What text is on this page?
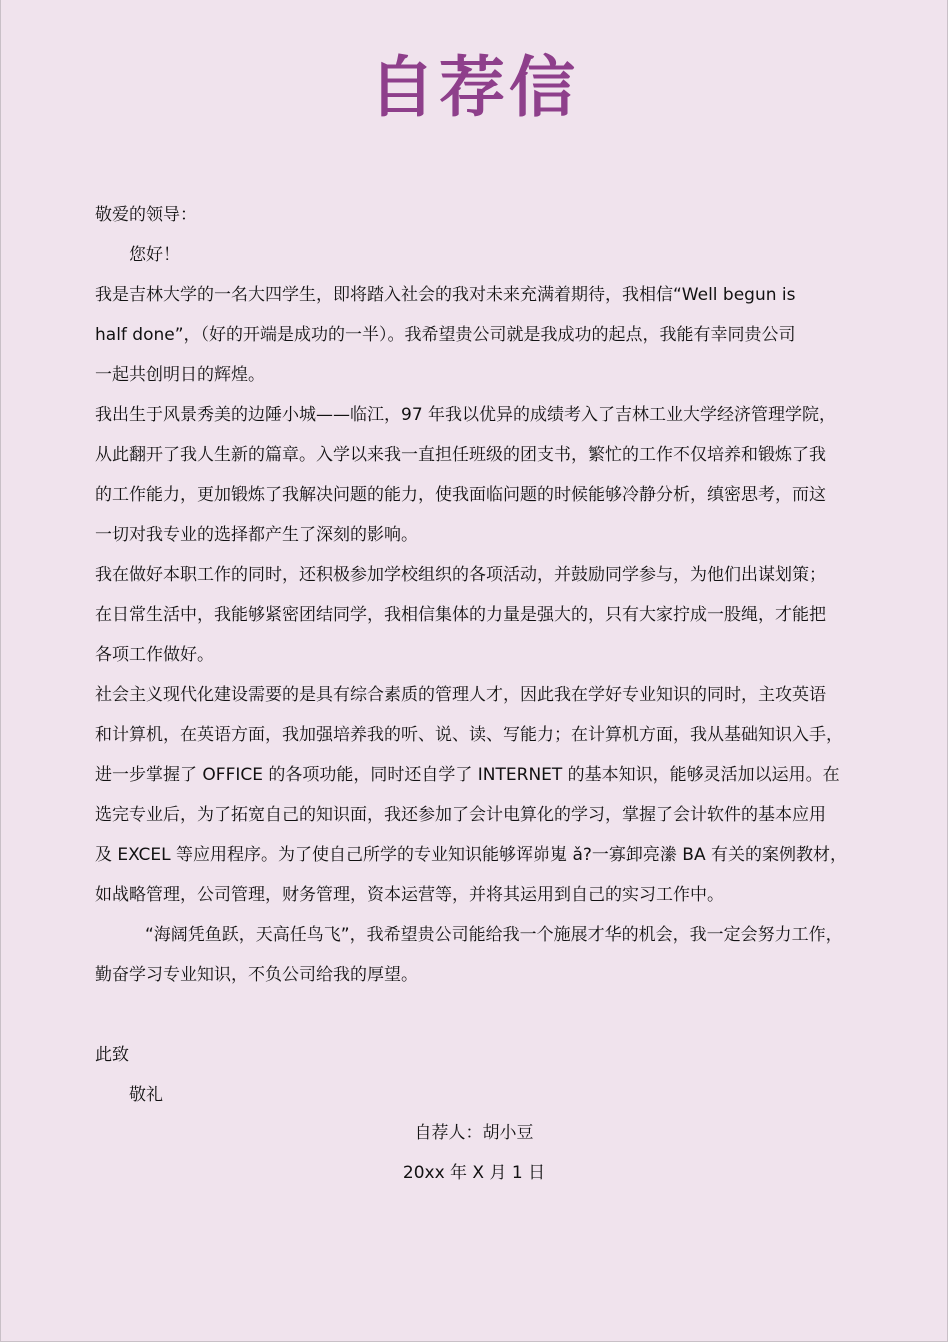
自荐信
敬爱的领导：
您好！
我是吉林大学的一名大四学生，即将踏入社会的我对未来充满着期待，我相信“Well begun is
half done”，（好的开端是成功的一半）。我希望贵公司就是我成功的起点，我能有幸同贵公司
一起共创明日的辉煌。
我出生于风景秀美的边陲小城——临江，97 年我以优异的成绩考入了吉林工业大学经济管理学院，
从此翻开了我人生新的篇章。入学以来我一直担任班级的团支书，繁忙的工作不仅培养和锻炼了我
的工作能力，更加锻炼了我解决问题的能力，使我面临问题的时候能够冷静分析，缜密思考，而这
一切对我专业的选择都产生了深刻的影响。
我在做好本职工作的同时，还积极参加学校组织的各项活动，并鼓励同学参与，为他们出谋划策；
在日常生活中，我能够紧密团结同学，我相信集体的力量是强大的，只有大家拧成一股绳，才能把
各项工作做好。
社会主义现代化建设需要的是具有综合素质的管理人才，因此我在学好专业知识的同时，主攻英语
和计算机，在英语方面，我加强培养我的听、说、读、写能力；在计算机方面，我从基础知识入手，
进一步掌握了 OFFICE 的各项功能，同时还自学了 INTERNET 的基本知识，能够灵活加以运用。在
选完专业后，为了拓宽自己的知识面，我还参加了会计电算化的学习，掌握了会计软件的基本应用
及 EXCEL 等应用程序。为了使自己所学的专业知识能够诨峁嵬 ǎ?一寡卸亮潫 BA 有关的案例教材，
如战略管理，公司管理，财务管理，资本运营等，并将其运用到自己的实习工作中。
“海阔凭鱼跃，天高任鸟飞”，我希望贵公司能给我一个施展才华的机会，我一定会努力工作，
勤奋学习专业知识，不负公司给我的厚望。
此致
敬礼
自荐人：胡小豆
20xx 年 X 月 1 日
